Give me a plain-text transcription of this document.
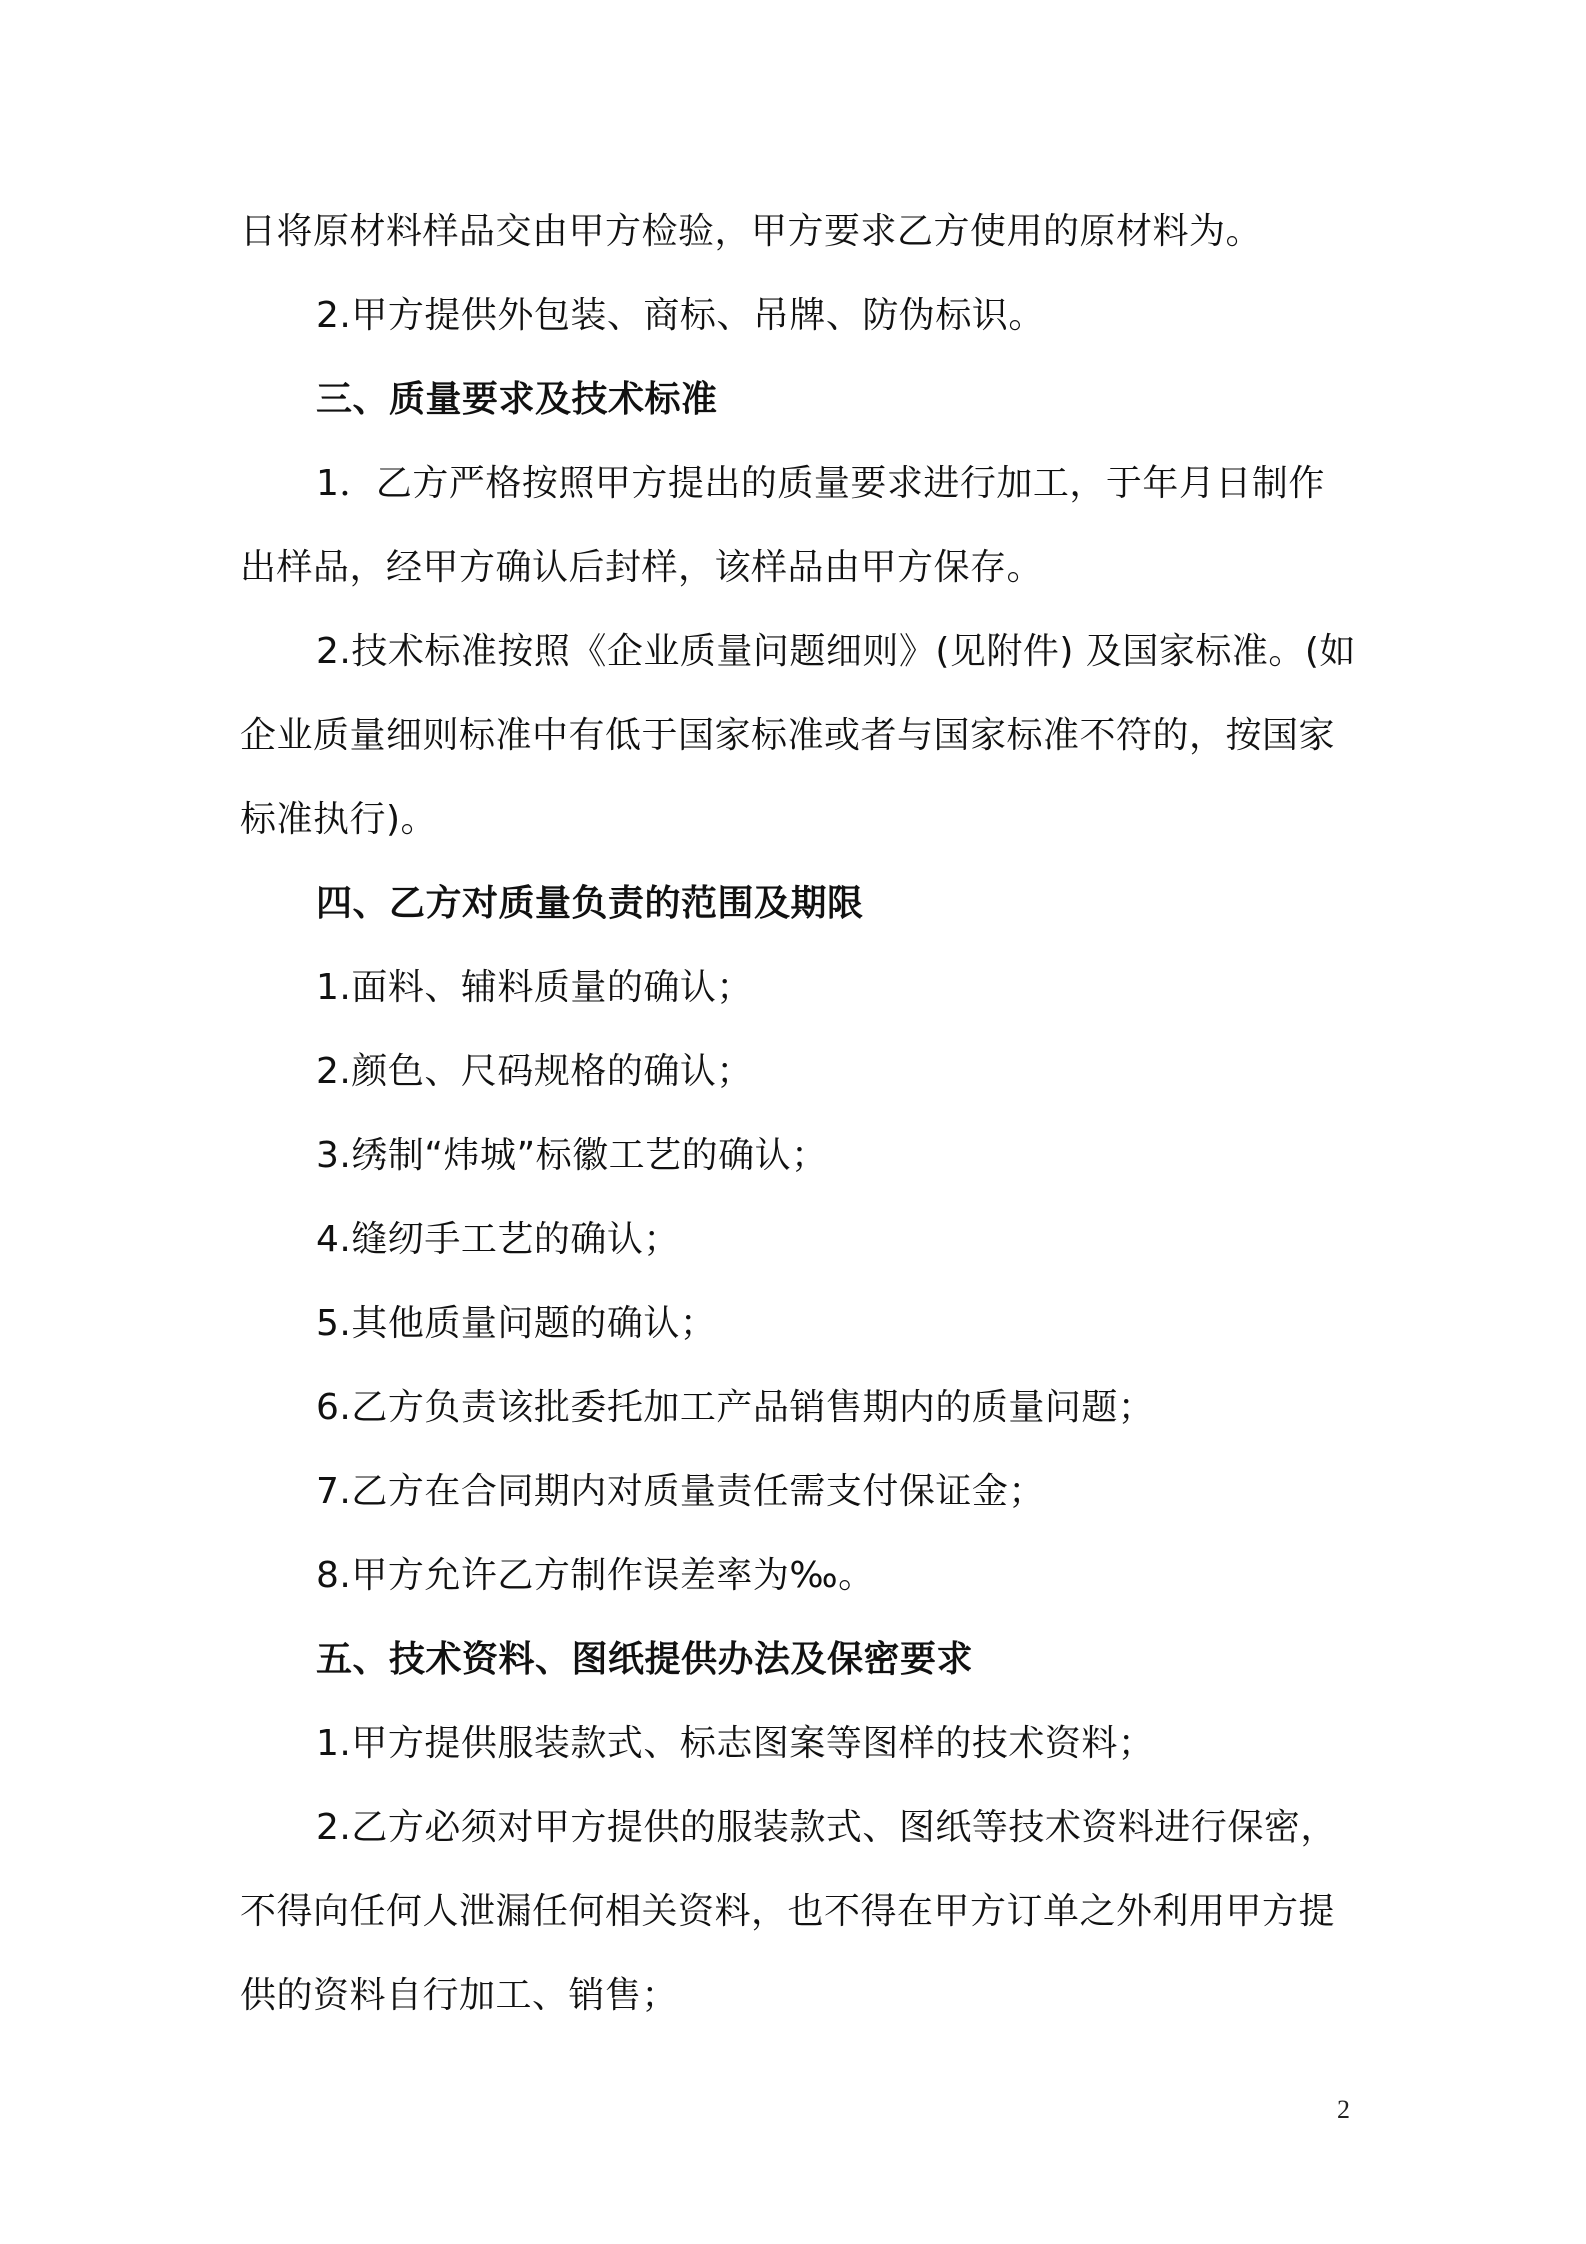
日将原材料样品交由甲方检验，甲方要求乙方使用的原材料为。
2.甲方提供外包装、商标、吊牌、防伪标识。
三、质量要求及技术标准
1．乙方严格按照甲方提出的质量要求进行加工，于年月日制作
出样品，经甲方确认后封样，该样品由甲方保存。
2.技术标准按照《企业质量问题细则》(见附件) 及国家标准。(如
企业质量细则标准中有低于国家标准或者与国家标准不符的，按国家
标准执行)。
四、乙方对质量负责的范围及期限
1.面料、辅料质量的确认；
2.颜色、尺码规格的确认；
3.绣制“炜城”标徽工艺的确认；
4.缝纫手工艺的确认；
5.其他质量问题的确认；
6.乙方负责该批委托加工产品销售期内的质量问题；
7.乙方在合同期内对质量责任需支付保证金；
8.甲方允许乙方制作误差率为‰。
五、技术资料、图纸提供办法及保密要求
1.甲方提供服装款式、标志图案等图样的技术资料；
2.乙方必须对甲方提供的服装款式、图纸等技术资料进行保密，
不得向任何人泄漏任何相关资料，也不得在甲方订单之外利用甲方提
供的资料自行加工、销售；
2
